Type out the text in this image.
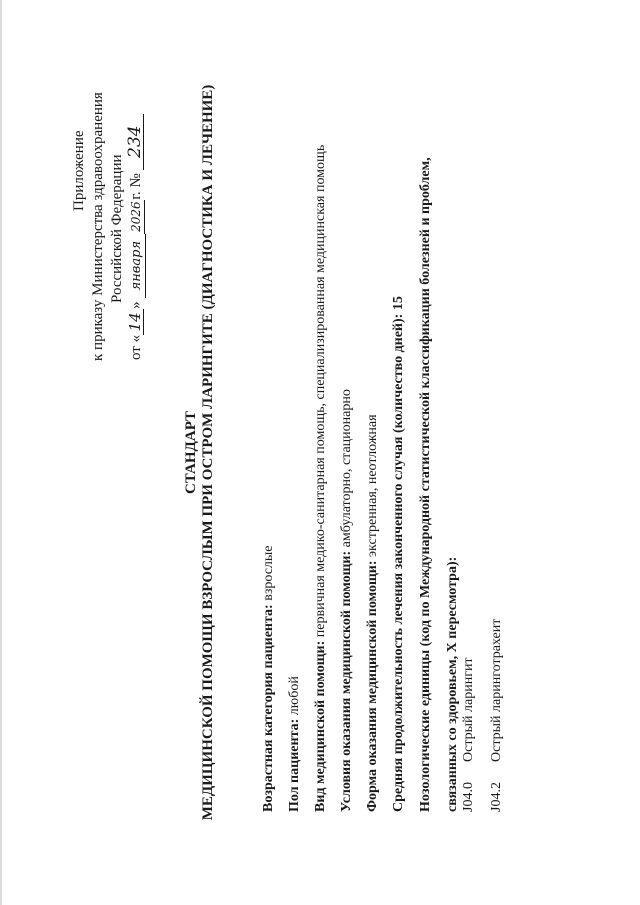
Приложение к приказу Министерства здравоохранения Российской Федерации
от «14» января2026г. № 234
СТАНДАРТ МЕДИЦИНСКОЙ ПОМОЩИ ВЗРОСЛЫМ ПРИ ОСТРОМ ЛАРИНГИТЕ (ДИАГНОСТИКА И ЛЕЧЕНИЕ)	Возрастная категория пациента: взрослые
Пол пациента: любой Вид медицинской помощи: первичная медико-санитарная помощь, специализированная медицинская помощь
Условия оказания медицинской помощи: амбулаторно, стационарно
Форма оказания медицинской помощи: экстренная, неотложная Средняя продолжительность лечения законченного случая (количество дней): 15 Нозологические единицы (код по Международной статистической классификации болезней и проблем, связанных со здоровьем, X пересмотра): J04.0Острый ларингит
J04.2Острый ларинготрахеит
